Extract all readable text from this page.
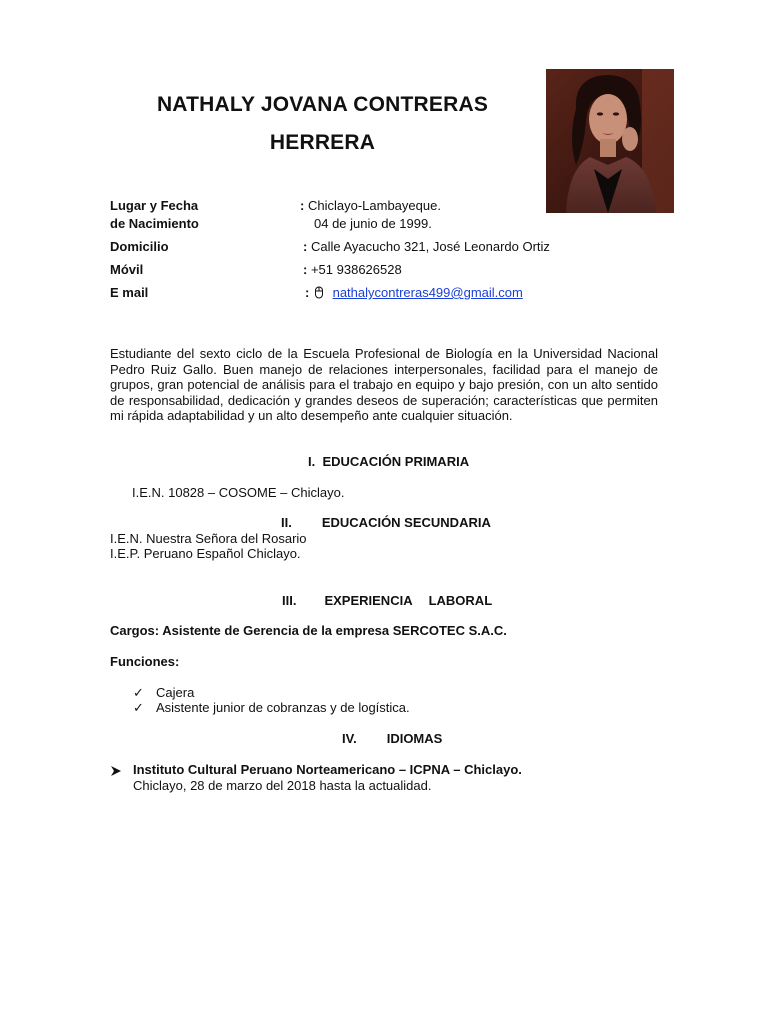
NATHALY JOVANA CONTRERAS
HERRERA
Lugar y Fecha
de Nacimiento
: Chiclayo-Lambayeque.
04 de junio de 1999.
Domicilio	: Calle Ayacucho 321, José Leonardo Ortiz
Móvil	: +51 938626528
E mail	: nathalycontreras499@gmail.com

Estudiante del sexto ciclo de la Escuela Profesional de Biología en la Universidad Nacional Pedro Ruiz Gallo. Buen manejo de relaciones interpersonales, facilidad para el manejo de grupos, gran potencial de análisis para el trabajo en equipo y bajo presión, con un alto sentido de responsabilidad, dedicación y grandes deseos de superación; características que permiten mi rápida adaptabilidad y un alto desempeño ante cualquier situación.

I. EDUCACIÓN PRIMARIA
I.E.N. 10828 – COSOME – Chiclayo.
II. EDUCACIÓN SECUNDARIA
I.E.N. Nuestra Señora del Rosario
I.E.P. Peruano Español Chiclayo.
III. EXPERIENCIA LABORAL
Cargos: Asistente de Gerencia de la empresa SERCOTEC S.A.C.
Funciones:
✓ Cajera
✓ Asistente junior de cobranzas y de logística.
IV. IDIOMAS
Instituto Cultural Peruano Norteamericano – ICPNA – Chiclayo.
Chiclayo, 28 de marzo del 2018 hasta la actualidad.
